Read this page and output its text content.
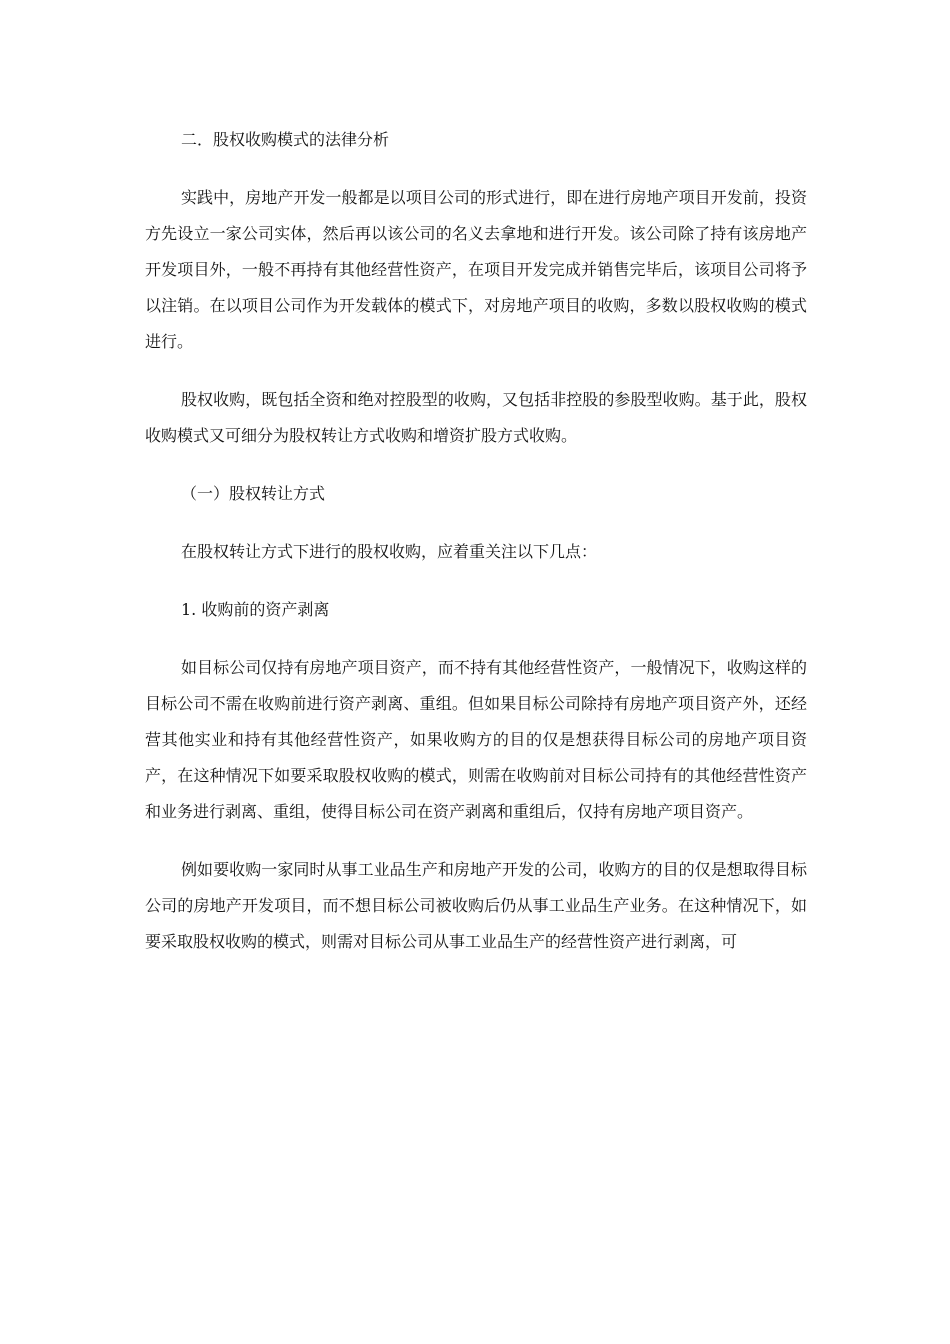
二．股权收购模式的法律分析

实践中，房地产开发一般都是以项目公司的形式进行，即在进行房地产项目开发前，投资方先设立一家公司实体，然后再以该公司的名义去拿地和进行开发。该公司除了持有该房地产开发项目外，一般不再持有其他经营性资产，在项目开发完成并销售完毕后，该项目公司将予以注销。在以项目公司作为开发载体的模式下，对房地产项目的收购，多数以股权收购的模式进行。

股权收购，既包括全资和绝对控股型的收购，又包括非控股的参股型收购。基于此，股权收购模式又可细分为股权转让方式收购和增资扩股方式收购。

（一）股权转让方式

在股权转让方式下进行的股权收购，应着重关注以下几点：

1. 收购前的资产剥离

如目标公司仅持有房地产项目资产，而不持有其他经营性资产，一般情况下，收购这样的目标公司不需在收购前进行资产剥离、重组。但如果目标公司除持有房地产项目资产外，还经营其他实业和持有其他经营性资产，如果收购方的目的仅是想获得目标公司的房地产项目资产，在这种情况下如要采取股权收购的模式，则需在收购前对目标公司持有的其他经营性资产和业务进行剥离、重组，使得目标公司在资产剥离和重组后，仅持有房地产项目资产。

例如要收购一家同时从事工业品生产和房地产开发的公司，收购方的目的仅是想取得目标公司的房地产开发项目，而不想目标公司被收购后仍从事工业品生产业务。在这种情况下，如要采取股权收购的模式，则需对目标公司从事工业品生产的经营性资产进行剥离，可
